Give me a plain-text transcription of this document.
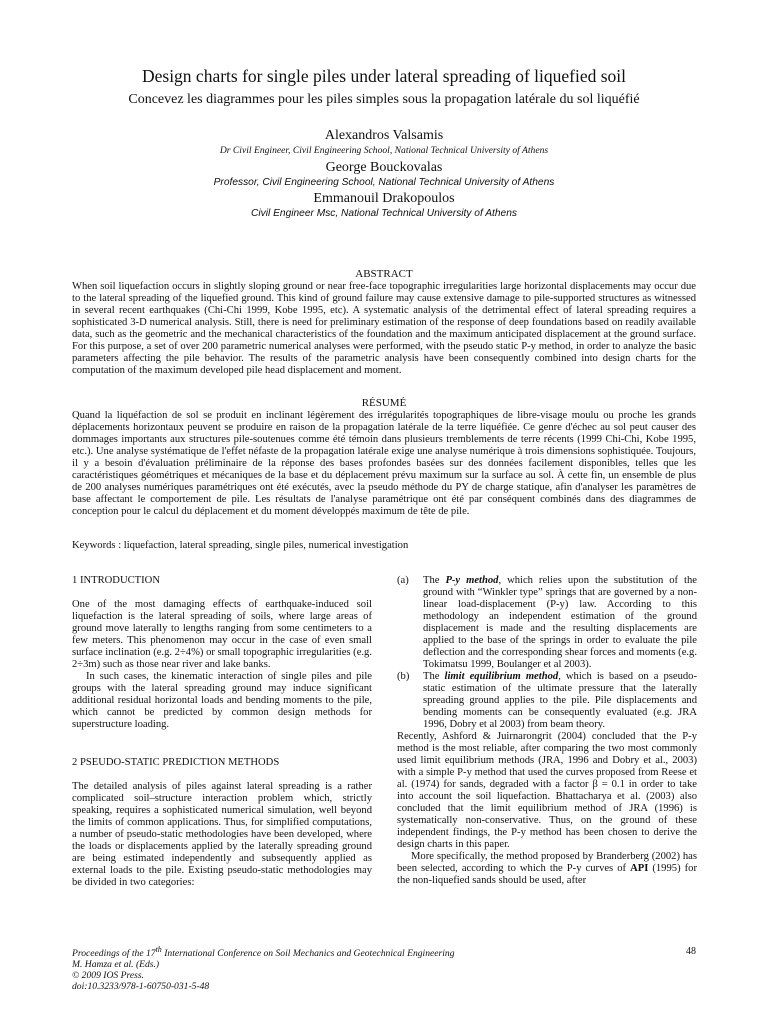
Design charts for single piles under lateral spreading of liquefied soil
Concevez les diagrammes pour les piles simples sous la propagation latérale du sol liquéfié
Alexandros Valsamis
Dr Civil Engineer, Civil Engineering School, National Technical University of Athens
George Bouckovalas
Professor, Civil Engineering School, National Technical University of Athens
Emmanouil Drakopoulos
Civil Engineer Msc, National Technical University of Athens
ABSTRACT

When soil liquefaction occurs in slightly sloping ground or near free-face topographic irregularities large horizontal displacements may occur due to the lateral spreading of the liquefied ground. This kind of ground failure may cause extensive damage to pile-supported structures as witnessed in several recent earthquakes (Chi-Chi 1999, Kobe 1995, etc). A systematic analysis of the detrimental effect of lateral spreading requires a sophisticated 3-D numerical analysis. Still, there is need for preliminary estimation of the response of deep foundations based on readily available data, such as the geometric and the mechanical characteristics of the foundation and the maximum anticipated displacement at the ground surface. For this purpose, a set of over 200 parametric numerical analyses were performed, with the pseudo static P-y method, in order to analyze the basic parameters affecting the pile behavior. The results of the parametric analysis have been consequently combined into design charts for the computation of the maximum developed pile head displacement and moment.

RÉSUMÉ

Quand la liquéfaction de sol se produit en inclinant légèrement des irrégularités topographiques de libre-visage moulu ou proche les grands déplacements horizontaux peuvent se produire en raison de la propagation latérale de la terre liquéfiée. Ce genre d'échec au sol peut causer des dommages importants aux structures pile-soutenues comme été témoin dans plusieurs tremblements de terre récents (1999 Chi-Chi, Kobe 1995, etc.). Une analyse systématique de l'effet néfaste de la propagation latérale exige une analyse numérique à trois dimensions sophistiquée. Toujours, il y a besoin d'évaluation préliminaire de la réponse des bases profondes basées sur des données facilement disponibles, telles que les caractéristiques géométriques et mécaniques de la base et du déplacement prévu maximum sur la surface au sol. À cette fin, un ensemble de plus de 200 analyses numériques paramétriques ont été exécutés, avec la pseudo méthode du PY de charge statique, afin d'analyser les paramètres de base affectant le comportement de pile. Les résultats de l'analyse paramétrique ont été par conséquent combinés dans des diagrammes de conception pour le calcul du déplacement et du moment développés maximum de tête de pile.

Keywords : liquefaction, lateral spreading, single piles, numerical investigation
1 INTRODUCTION

One of the most damaging effects of earthquake-induced soil liquefaction is the lateral spreading of soils, where large areas of ground move laterally to lengths ranging from some centimeters to a few meters. This phenomenon may occur in the case of even small surface inclination (e.g. 2÷4%) or small topographic irregularities (e.g. 2÷3m) such as those near river and lake banks.

In such cases, the kinematic interaction of single piles and pile groups with the lateral spreading ground may induce significant additional residual horizontal loads and bending moments to the pile, which cannot be predicted by common design methods for superstructure loading.

2 PSEUDO-STATIC PREDICTION METHODS

The detailed analysis of piles against lateral spreading is a rather complicated soil–structure interaction problem which, strictly speaking, requires a sophisticated numerical simulation, well beyond the limits of common applications. Thus, for simplified computations, a number of pseudo-static methodologies have been developed, where the loads or displacements applied by the laterally spreading ground are being estimated independently and subsequently applied as external loads to the pile. Existing pseudo-static methodologies may be divided in two categories:

(a) The P-y method, which relies upon the substitution of the ground with “Winkler type” springs that are governed by a non-linear load-displacement (P-y) law. According to this methodology an independent estimation of the ground displacement is made and the resulting displacements are applied to the base of the springs in order to evaluate the pile deflection and the corresponding shear forces and moments (e.g. Tokimatsu 1999, Boulanger et al 2003).

(b) The limit equilibrium method, which is based on a pseudo-static estimation of the ultimate pressure that the laterally spreading ground applies to the pile. Pile displacements and bending moments can be consequently evaluated (e.g. JRA 1996, Dobry et al 2003) from beam theory.

Recently, Ashford & Juirnarongrit (2004) concluded that the P-y method is the most reliable, after comparing the two most commonly used limit equilibrium methods (JRA, 1996 and Dobry et al., 2003) with a simple P-y method that used the curves proposed from Reese et al. (1974) for sands, degraded with a factor β = 0.1 in order to take into account the soil liquefaction. Bhattacharya et al. (2003) also concluded that the limit equilibrium method of JRA (1996) is systematically non-conservative. Thus, on the ground of these independent findings, the P-y method has been chosen to derive the design charts in this paper.

More specifically, the method proposed by Branderberg (2002) has been selected, according to which the P-y curves of API (1995) for the non-liquefied sands should be used, after

Proceedings of the 17th International Conference on Soil Mechanics and Geotechnical Engineering
M. Hamza et al. (Eds.)
© 2009 IOS Press.
doi:10.3233/978-1-60750-031-5-48
48
